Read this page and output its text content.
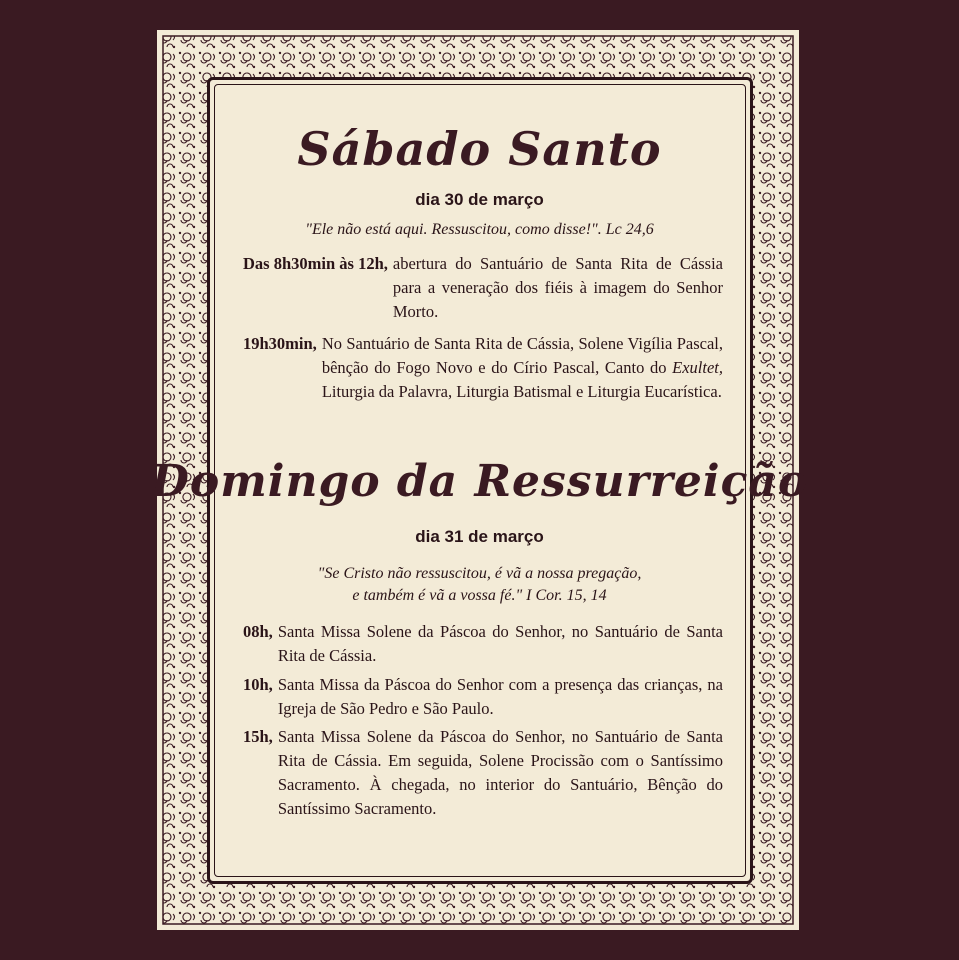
Sábado Santo
dia 30 de março
"Ele não está aqui. Ressuscitou, como disse!". Lc 24,6
Das 8h30min às 12h, abertura do Santuário de Santa Rita de Cássia para a veneração dos fiéis à imagem do Senhor Morto.
19h30min, No Santuário de Santa Rita de Cássia, Solene Vigília Pascal, bênção do Fogo Novo e do Círio Pascal, Canto do Exultet, Liturgia da Palavra, Liturgia Batismal e Liturgia Eucarística.
Domingo da Ressurreição
dia 31 de março
"Se Cristo não ressuscitou, é vã a nossa pregação,
e também é vã a vossa fé." I Cor. 15, 14
08h, Santa Missa Solene da Páscoa do Senhor, no Santuário de Santa Rita de Cássia.
10h, Santa Missa da Páscoa do Senhor com a presença das crianças, na Igreja de São Pedro e São Paulo.
15h, Santa Missa Solene da Páscoa do Senhor, no Santuário de Santa Rita de Cássia. Em seguida, Solene Procissão com o Santíssimo Sacramento. À chegada, no interior do Santuário, Bênção do Santíssimo Sacramento.
